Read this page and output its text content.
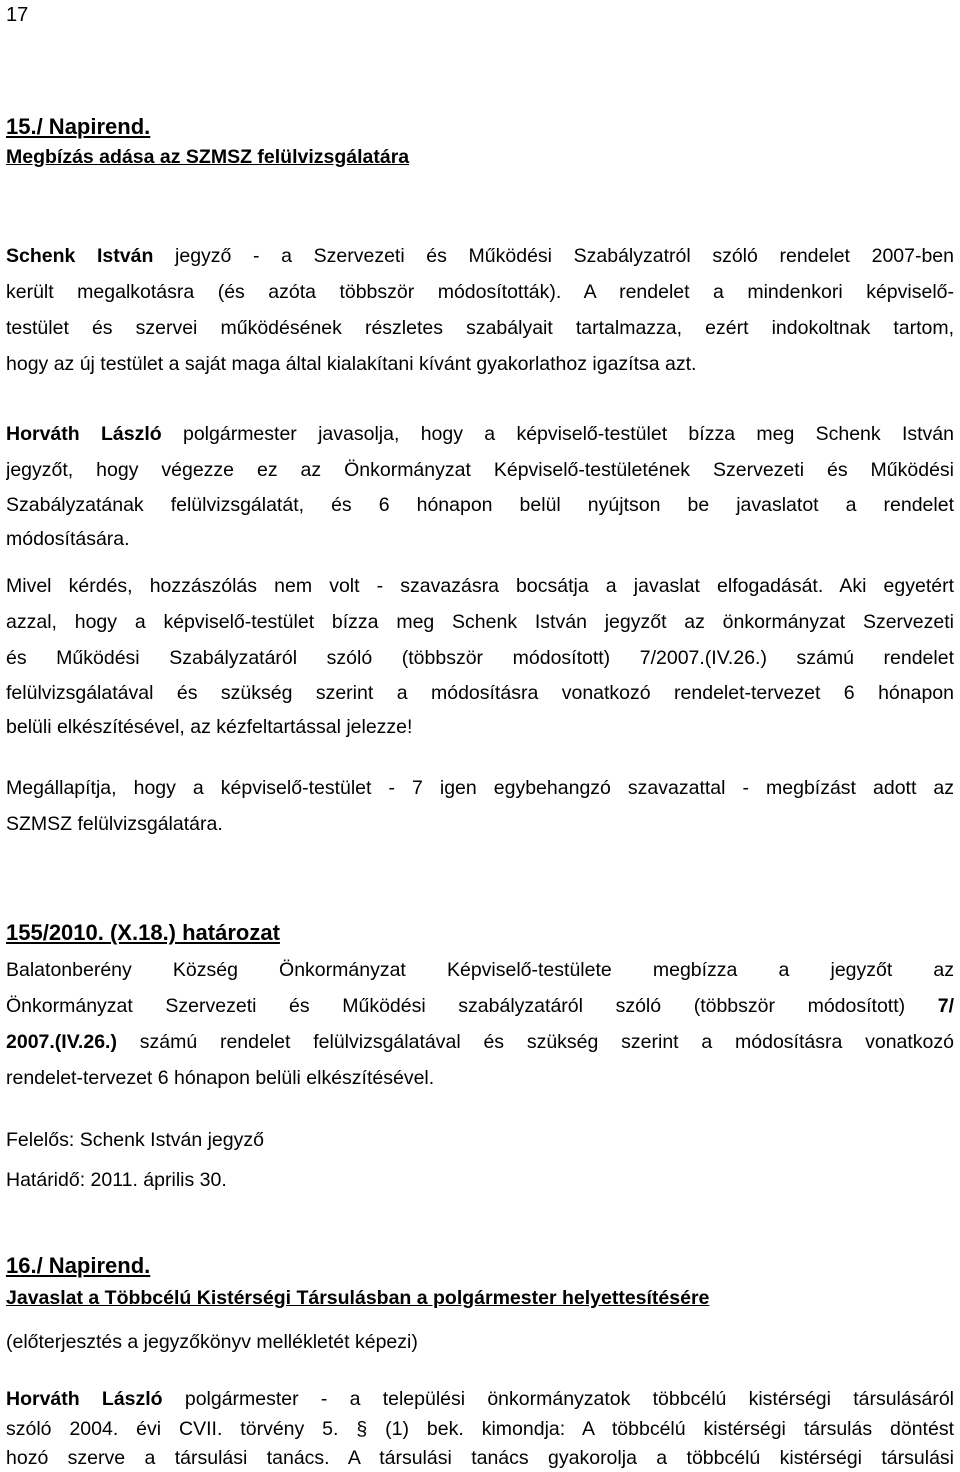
17
15./ Napirend.
Megbízás adása az SZMSZ felülvizsgálatára
Schenk István jegyző - a Szervezeti és Működési Szabályzatról szóló rendelet 2007-ben
került megalkotásra (és azóta többször módosították). A rendelet a mindenkori képviselő-
testület és szervei működésének részletes szabályait tartalmazza, ezért indokoltnak tartom,
hogy az új testület a saját maga által kialakítani kívánt gyakorlathoz igazítsa azt.
Horváth László polgármester javasolja, hogy a képviselő-testület bízza meg Schenk István
jegyzőt, hogy végezze ez az Önkormányzat Képviselő-testületének Szervezeti és Működési
Szabályzatának felülvizsgálatát, és 6 hónapon belül nyújtson be javaslatot a rendelet
módosítására.
Mivel kérdés, hozzászólás nem volt - szavazásra bocsátja a javaslat elfogadását. Aki egyetért
azzal, hogy a képviselő-testület bízza meg Schenk István jegyzőt az önkormányzat Szervezeti
és Működési Szabályzatáról szóló (többször módosított) 7/2007.(IV.26.) számú rendelet
felülvizsgálatával és szükség szerint a módosításra vonatkozó rendelet-tervezet 6 hónapon
belüli elkészítésével, az kézfeltartással jelezze!
Megállapítja, hogy a képviselő-testület - 7 igen egybehangzó szavazattal - megbízást adott az
SZMSZ felülvizsgálatára.
155/2010. (X.18.) határozat
Balatonberény Község Önkormányzat Képviselő-testülete megbízza a jegyzőt az
Önkormányzat Szervezeti és Működési szabályzatáról szóló (többször módosított) 7/
2007.(IV.26.) számú rendelet felülvizsgálatával és szükség szerint a módosításra vonatkozó
rendelet-tervezet 6 hónapon belüli elkészítésével.
Felelős: Schenk István jegyző
Határidő: 2011. április 30.
16./ Napirend.
Javaslat a Többcélú Kistérségi Társulásban a polgármester helyettesítésére
(előterjesztés a jegyzőkönyv mellékletét képezi)
Horváth László polgármester - a települési önkormányzatok többcélú kistérségi társulásáról
szóló 2004. évi CVII. törvény 5. § (1) bek. kimondja: A többcélú kistérségi társulás döntést
hozó szerve a társulási tanács. A társulási tanács gyakorolja a többcélú kistérségi társulási
